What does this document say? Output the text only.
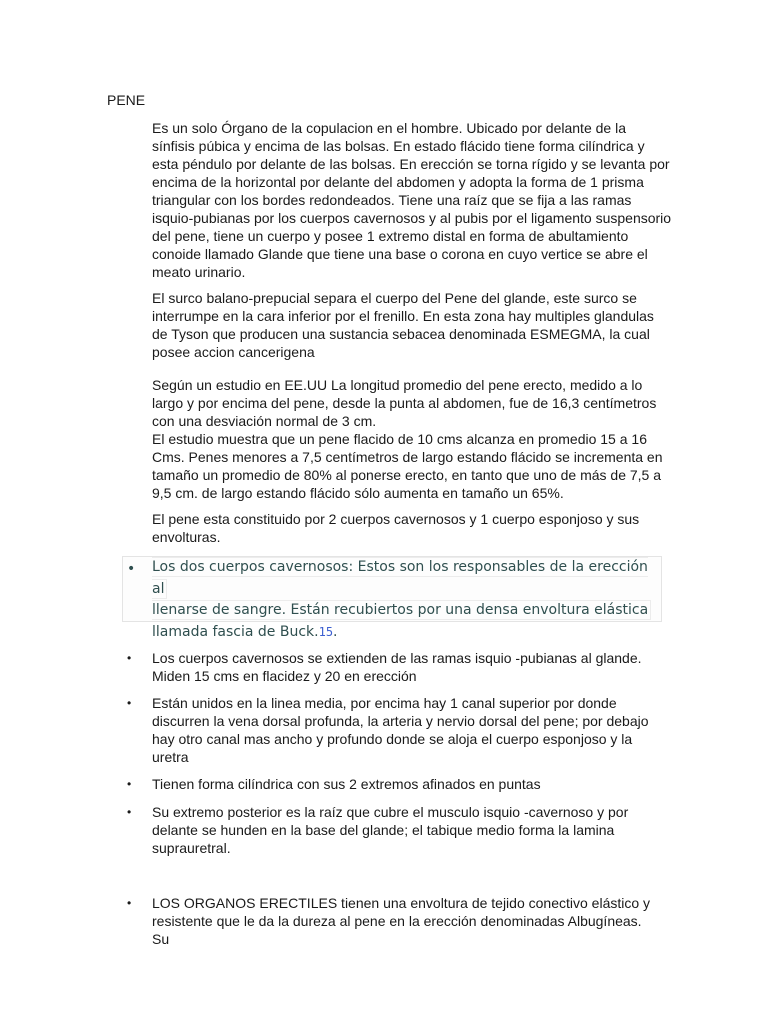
PENE

Es un solo Órgano de la copulacion en el hombre. Ubicado por delante de la sínfisis púbica y encima de las bolsas. En estado flácido tiene forma cilíndrica y esta péndulo por delante de las bolsas. En erección se torna rígido y se levanta por encima de la horizontal por delante del abdomen y adopta la forma de 1 prisma triangular con los bordes redondeados. Tiene una raíz que se fija a las ramas isquio-pubianas por los cuerpos cavernosos y al pubis por el ligamento suspensorio del pene, tiene un cuerpo y posee 1 extremo distal en forma de abultamiento conoide llamado Glande que tiene una base o corona en cuyo vertice se abre el meato urinario.

El surco balano-prepucial separa el cuerpo del Pene del glande, este surco se interrumpe en la cara inferior por el frenillo. En esta zona hay multiples glandulas de Tyson que producen una sustancia sebacea denominada ESMEGMA, la cual posee accion cancerigena

Según un estudio en EE.UU La longitud promedio del pene erecto, medido a lo largo y por encima del pene, desde la punta al abdomen, fue de 16,3 centímetros con una desviación normal de 3 cm.
El estudio muestra que un pene flacido de 10 cms alcanza en promedio 15 a 16 Cms. Penes menores a 7,5 centímetros de largo estando flácido se incrementa en tamaño un promedio de 80% al ponerse erecto, en tanto que uno de más de 7,5 a 9,5 cm. de largo estando flácido sólo aumenta en tamaño un 65%.

El pene esta constituido por 2 cuerpos cavernosos y 1 cuerpo esponjoso y sus envolturas.

• Los dos cuerpos cavernosos: Estos son los responsables de la erección al
llenarse de sangre. Están recubiertos por una densa envoltura elástica
llamada fascia de Buck.15.

• Los cuerpos cavernosos se extienden de las ramas isquio -pubianas al glande. Miden 15 cms en flacidez y 20 en erección

• Están unidos en la linea media, por encima hay 1 canal superior por donde discurren la vena dorsal profunda, la arteria y nervio dorsal del pene; por debajo hay otro canal mas ancho y profundo donde se aloja el cuerpo esponjoso y la uretra

• Tienen forma cilíndrica con sus 2 extremos afinados en puntas

• Su extremo posterior es la raíz que cubre el musculo isquio -cavernoso y por delante se hunden en la base del glande; el tabique medio forma la lamina suprauretral.

• LOS ORGANOS ERECTILES tienen una envoltura de tejido conectivo elástico y resistente que le da la dureza al pene en la erección denominadas Albugíneas. Su
